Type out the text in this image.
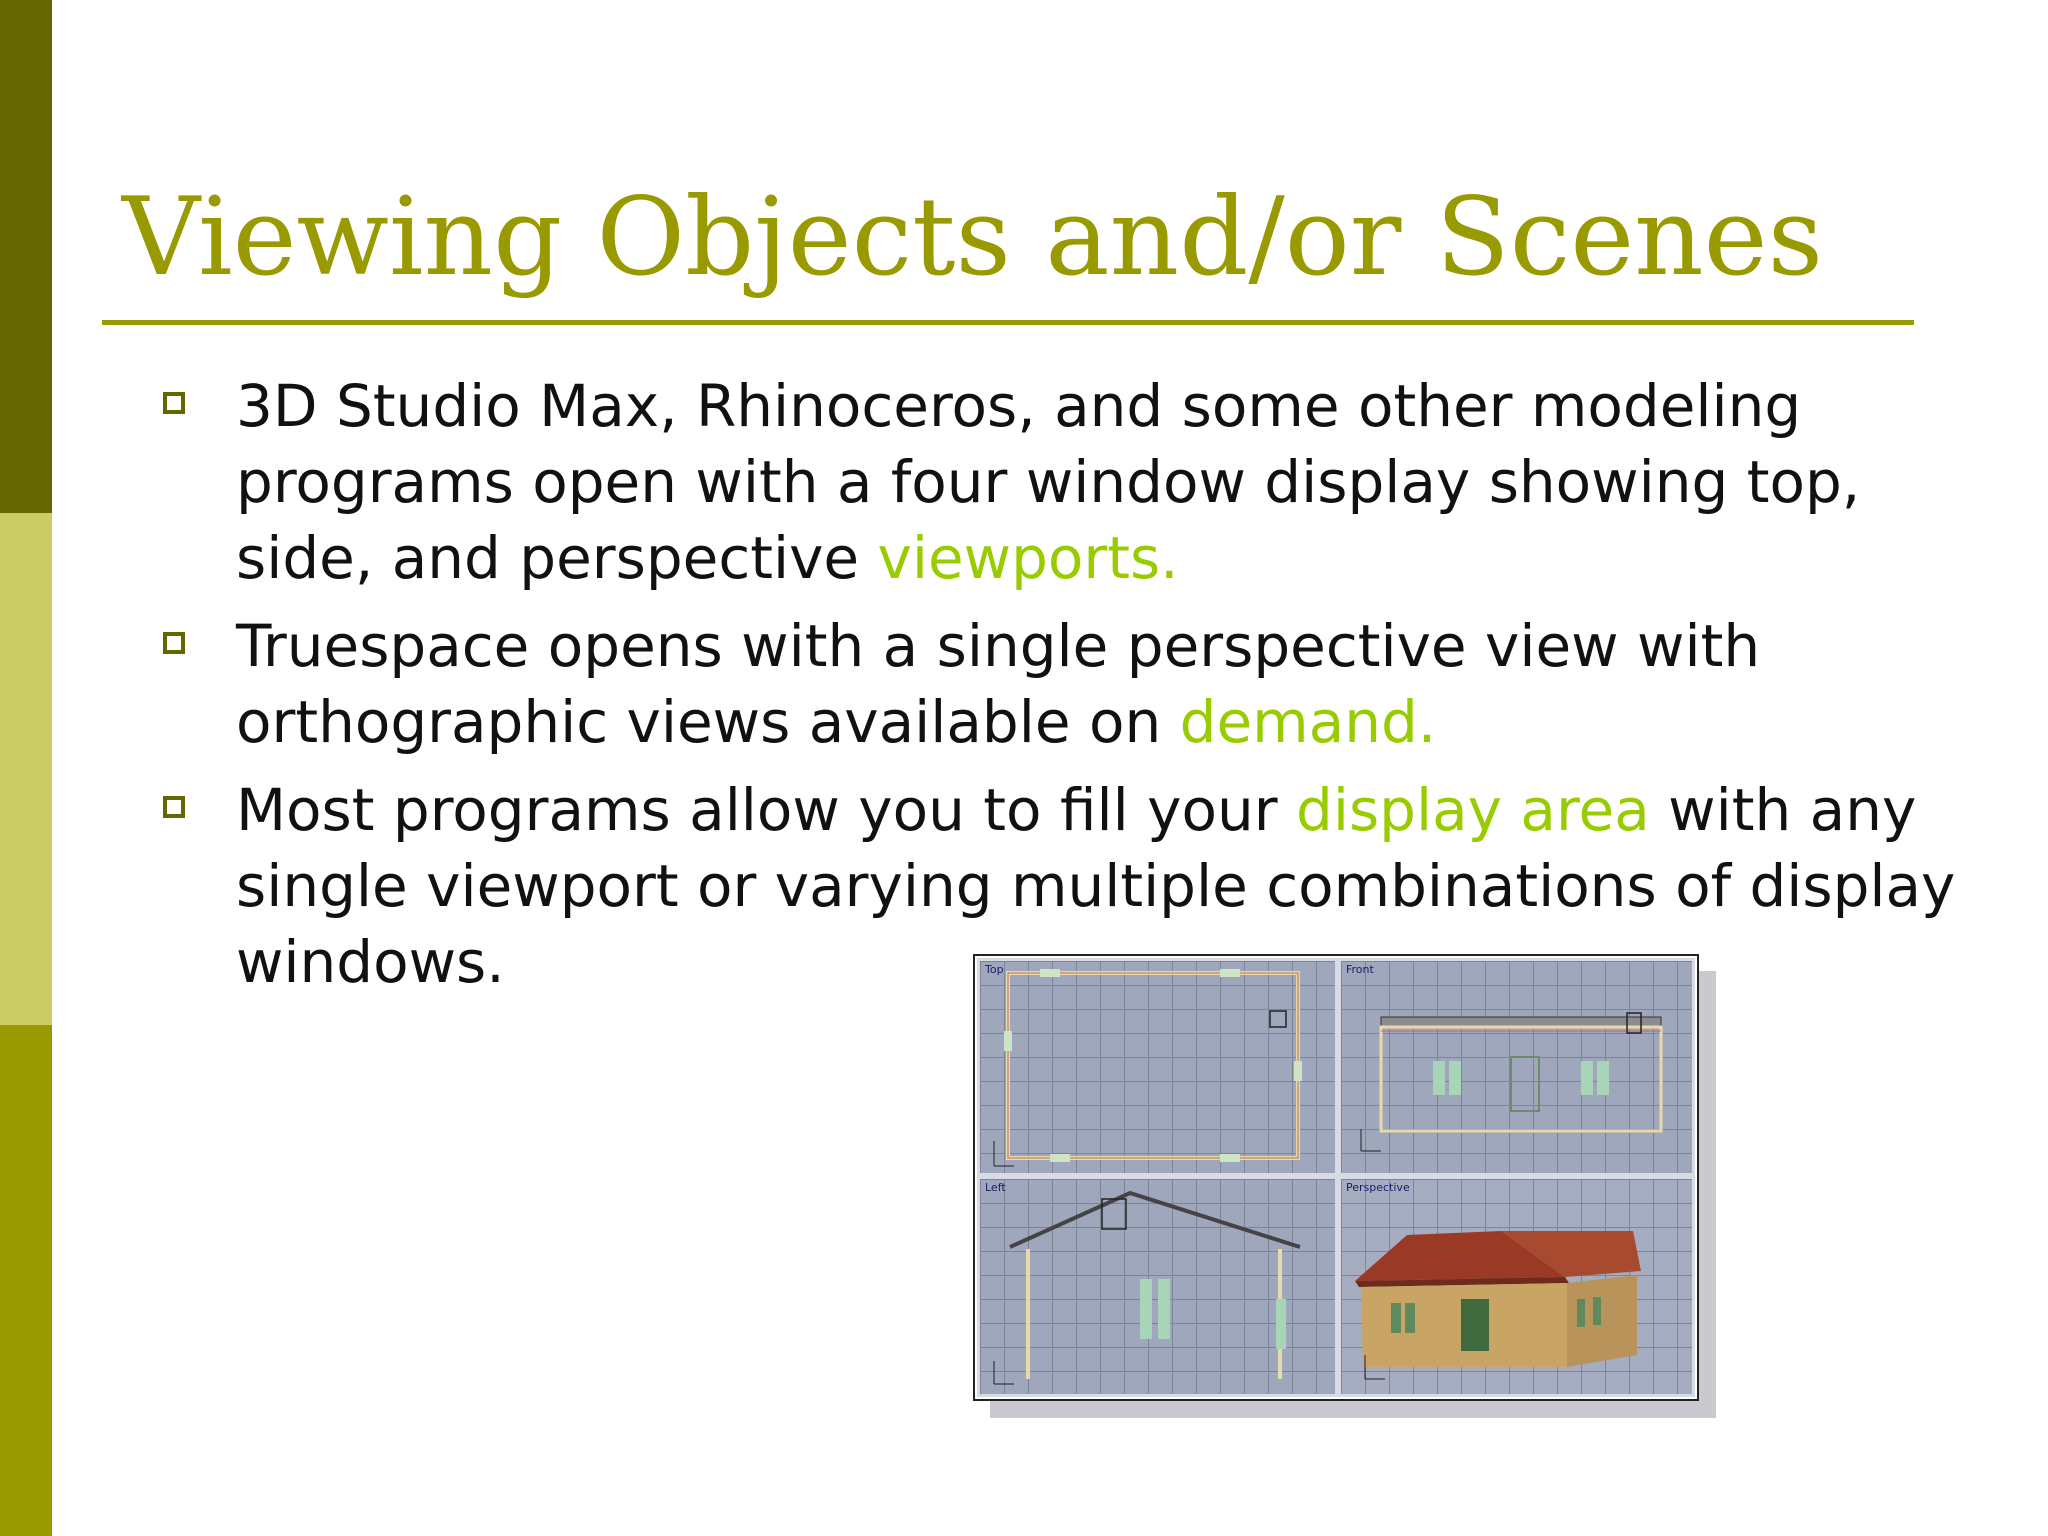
Viewing Objects and/or Scenes
3D Studio Max, Rhinoceros, and some other modeling programs open with a four window display showing top, side, and perspective viewports.
Truespace opens with a single perspective view with orthographic views available on demand.
Most programs allow you to fill your display area with any single viewport or varying multiple combinations of display windows.	Top	Front
Left	Perspective
